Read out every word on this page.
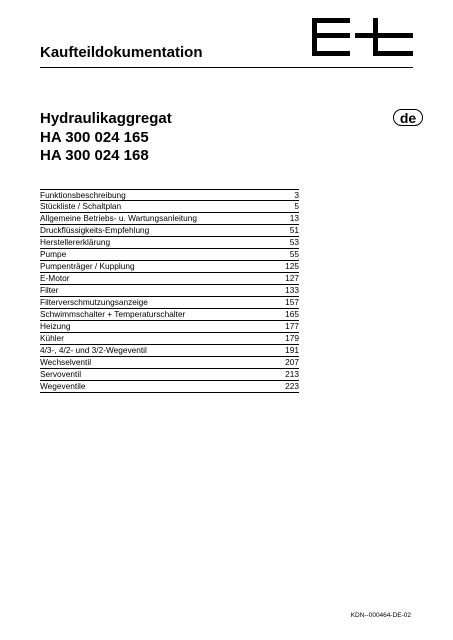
Kaufteildokumentation
Hydraulikaggregat
HA 300 024 165
HA 300 024 168
de
Funktionsbeschreibung	3
Stückliste / Schaltplan	5
Allgemeine Betriebs- u. Wartungsanleitung	13
Druckflüssigkeits-Empfehlung	51
Herstellererklärung	53
Pumpe	55
Pumpenträger / Kupplung	125
E-Motor	127
Filter	133
Filterverschmutzungsanzeige	157
Schwimmschalter + Temperaturschalter	165
Heizung	177
Kühler	179
4/3-, 4/2- und 3/2-Wegeventil	191
Wechselventil	207
Servoventil	213
Wegeventile	223
KDN--000464-DE-02
